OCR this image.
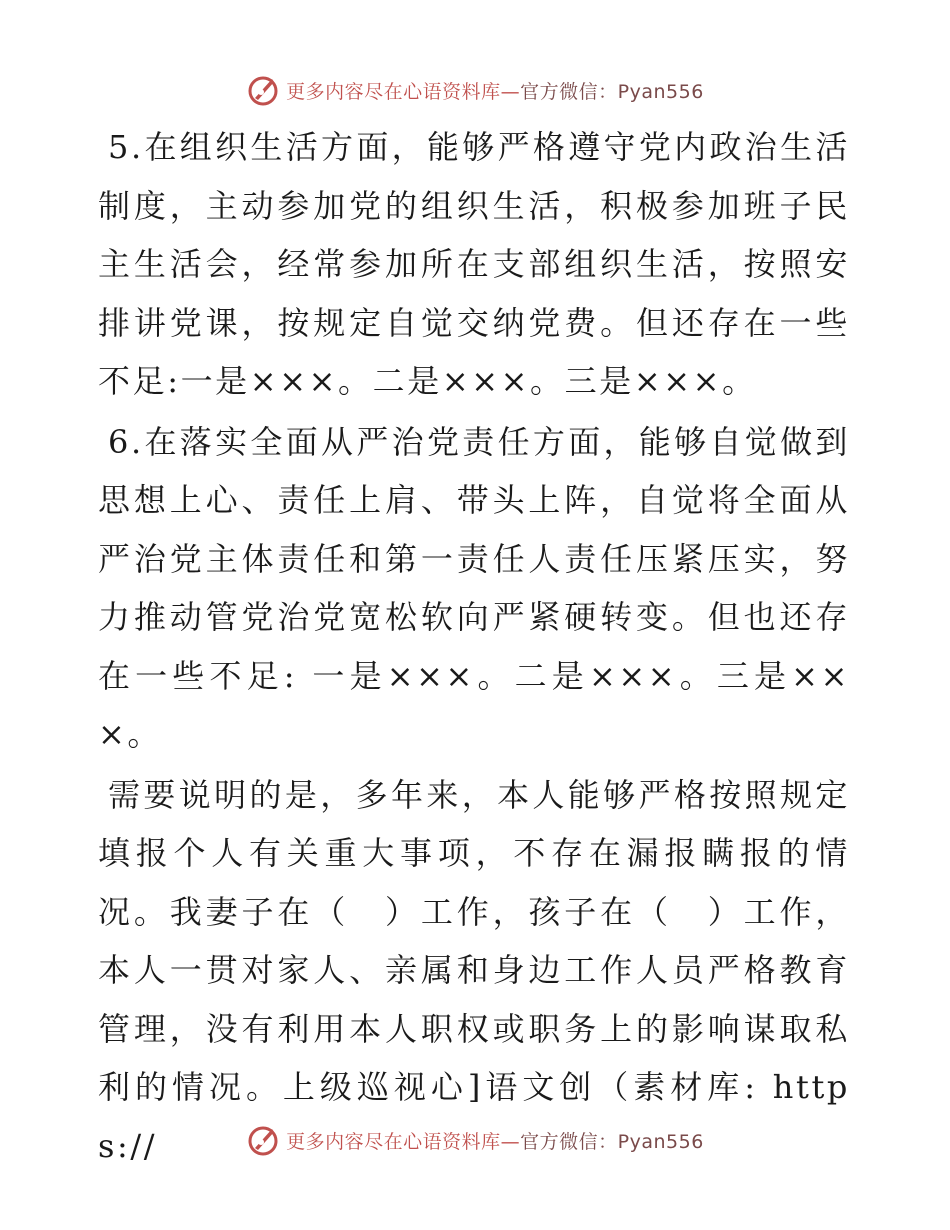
更多内容尽在心语资料库—官方微信：Pyan556

5.在组织生活方面，能够严格遵守党内政治生活制度，主动参加党的组织生活，积极参加班子民主生活会，经常参加所在支部组织生活，按照安排讲党课，按规定自觉交纳党费。但还存在一些不足:一是×××。二是×××。三是×××。

6.在落实全面从严治党责任方面，能够自觉做到思想上心、责任上肩、带头上阵，自觉将全面从严治党主体责任和第一责任人责任压紧压实，努力推动管党治党宽松软向严紧硬转变。但也还存在一些不足: 一是×××。二是×××。三是×××。

需要说明的是，多年来，本人能够严格按照规定填报个人有关重大事项，不存在漏报瞒报的情况。我妻子在（　）工作，孩子在（　）工作，本人一贯对家人、亲属和身边工作人员严格教育管理，没有利用本人职权或职务上的影响谋取私利的情况。上级巡视心]语文创（素材库: https://	更多内容尽在心语资料库—官方微信：Pyan556
